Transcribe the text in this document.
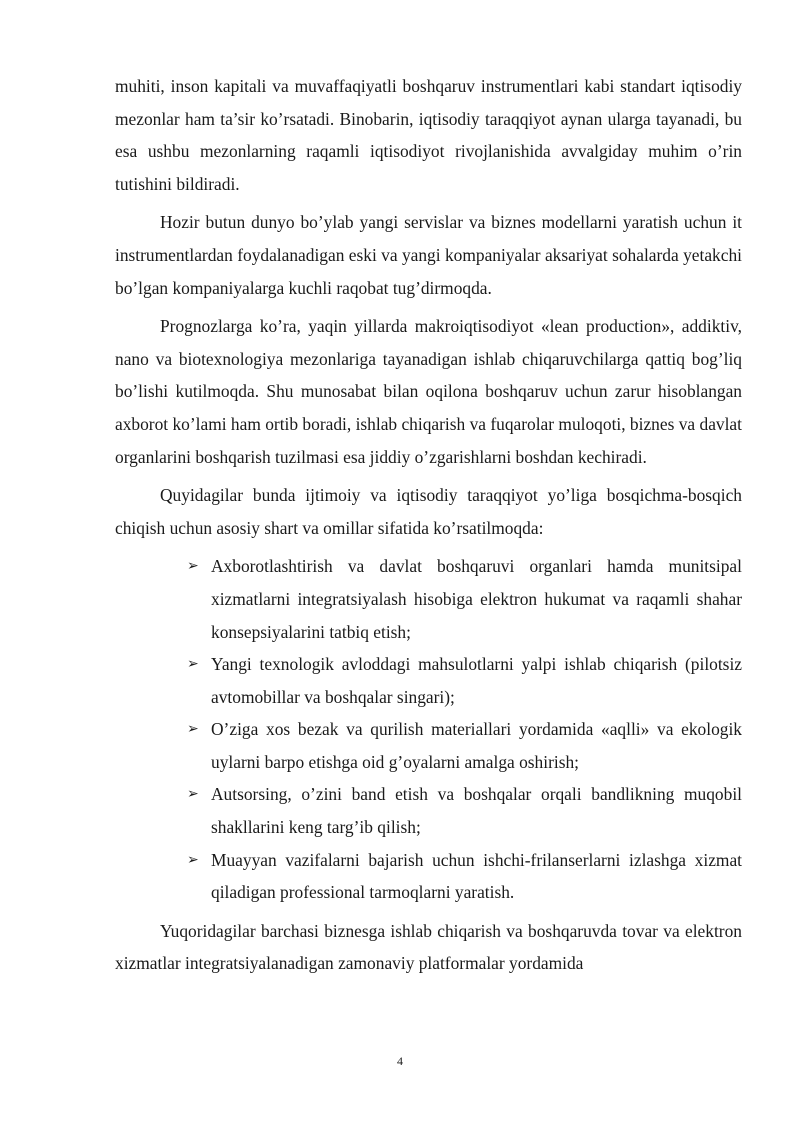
muhiti, inson kapitali va muvaffaqiyatli boshqaruv instrumentlari kabi standart iqtisodiy mezonlar ham ta’sir ko’rsatadi. Binobarin, iqtisodiy taraqqiyot aynan ularga tayanadi, bu esa ushbu mezonlarning raqamli iqtisodiyot rivojlanishida avvalgiday muhim o’rin tutishini bildiradi.

Hozir butun dunyo bo’ylab yangi servislar va biznes modellarni yaratish uchun it instrumentlardan foydalanadigan eski va yangi kompaniyalar aksariyat sohalarda yetakchi bo’lgan kompaniyalarga kuchli raqobat tug’dirmoqda.

Prognozlarga ko’ra, yaqin yillarda makroiqtisodiyot «lean production», addiktiv, nano va biotexnologiya mezonlariga tayanadigan ishlab chiqaruvchilarga qattiq bog’liq bo’lishi kutilmoqda. Shu munosabat bilan oqilona boshqaruv uchun zarur hisoblangan axborot ko’lami ham ortib boradi, ishlab chiqarish va fuqarolar muloqoti, biznes va davlat organlarini boshqarish tuzilmasi esa jiddiy o’zgarishlarni boshdan kechiradi.

Quyidagilar bunda ijtimoiy va iqtisodiy taraqqiyot yo’liga bosqichma-bosqich chiqish uchun asosiy shart va omillar sifatida ko’rsatilmoqda:

➢ Axborotlashtirish va davlat boshqaruvi organlari hamda munitsipal xizmatlarni integratsiyalash hisobiga elektron hukumat va raqamli shahar konsepsiyalarini tatbiq etish;
➢ Yangi texnologik avloddagi mahsulotlarni yalpi ishlab chiqarish (pilotsiz avtomobillar va boshqalar singari);
➢ O’ziga xos bezak va qurilish materiallari yordamida «aqlli» va ekologik uylarni barpo etishga oid g’oyalarni amalga oshirish;
➢ Autsorsing, o’zini band etish va boshqalar orqali bandlikning muqobil shakllarini keng targ’ib qilish;
➢ Muayyan vazifalarni bajarish uchun ishchi-frilanserlarni izlashga xizmat qiladigan professional tarmoqlarni yaratish.

Yuqoridagilar barchasi biznesga ishlab chiqarish va boshqaruvda tovar va elektron xizmatlar integratsiyalanadigan zamonaviy platformalar yordamida

4
